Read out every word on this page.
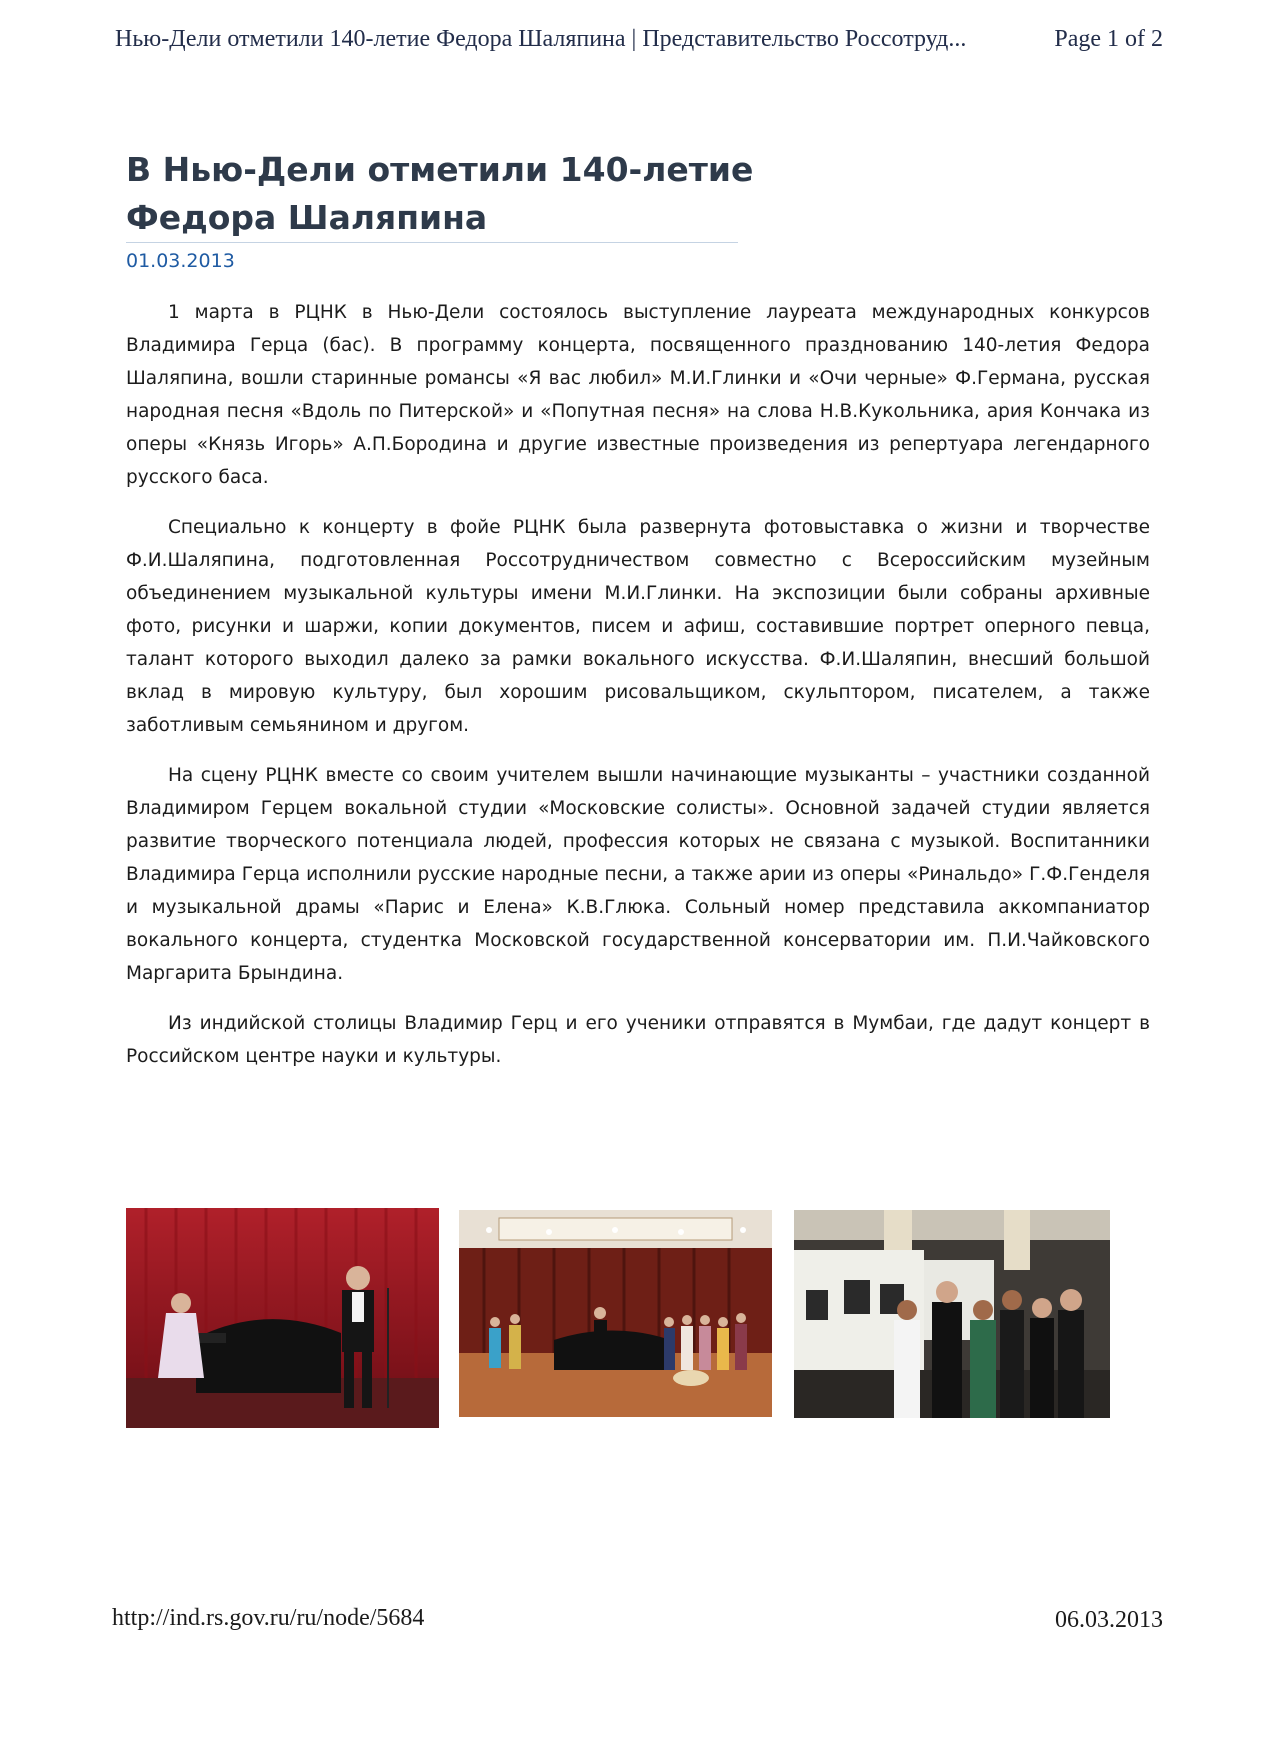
Нью-Дели отметили 140-летие Федора Шаляпина | Представительство Россотруд...	Page 1 of 2
В Нью-Дели отметили 140-летие
Федора Шаляпина
01.03.2013

1 марта в РЦНК в Нью-Дели состоялось выступление лауреата международных конкурсов Владимира Герца (бас). В программу концерта, посвященного празднованию 140-летия Федора Шаляпина, вошли старинные романсы «Я вас любил» М.И.Глинки и «Очи черные» Ф.Германа, русская народная песня «Вдоль по Питерской» и «Попутная песня» на слова Н.В.Кукольника, ария Кончака из оперы «Князь Игорь» А.П.Бородина и другие известные произведения из репертуара легендарного русского баса.

Специально к концерту в фойе РЦНК была развернута фотовыставка о жизни и творчестве Ф.И.Шаляпина, подготовленная Россотрудничеством совместно с Всероссийским музейным объединением музыкальной культуры имени М.И.Глинки. На экспозиции были собраны архивные фото, рисунки и шаржи, копии документов, писем и афиш, составившие портрет оперного певца, талант которого выходил далеко за рамки вокального искусства. Ф.И.Шаляпин, внесший большой вклад в мировую культуру, был хорошим рисовальщиком, скульптором, писателем, а также заботливым семьянином и другом.

На сцену РЦНК вместе со своим учителем вышли начинающие музыканты – участники созданной Владимиром Герцем вокальной студии «Московские солисты». Основной задачей студии является развитие творческого потенциала людей, профессия которых не связана с музыкой. Воспитанники Владимира Герца исполнили русские народные песни, а также арии из оперы «Ринальдо» Г.Ф.Генделя и музыкальной драмы «Парис и Елена» К.В.Глюка. Сольный номер представила аккомпаниатор вокального концерта, студентка Московской государственной консерватории им. П.И.Чайковского Маргарита Брындина.

Из индийской столицы Владимир Герц и его ученики отправятся в Мумбаи, где дадут концерт в Российском центре науки и культуры.

http://ind.rs.gov.ru/ru/node/5684	06.03.2013
